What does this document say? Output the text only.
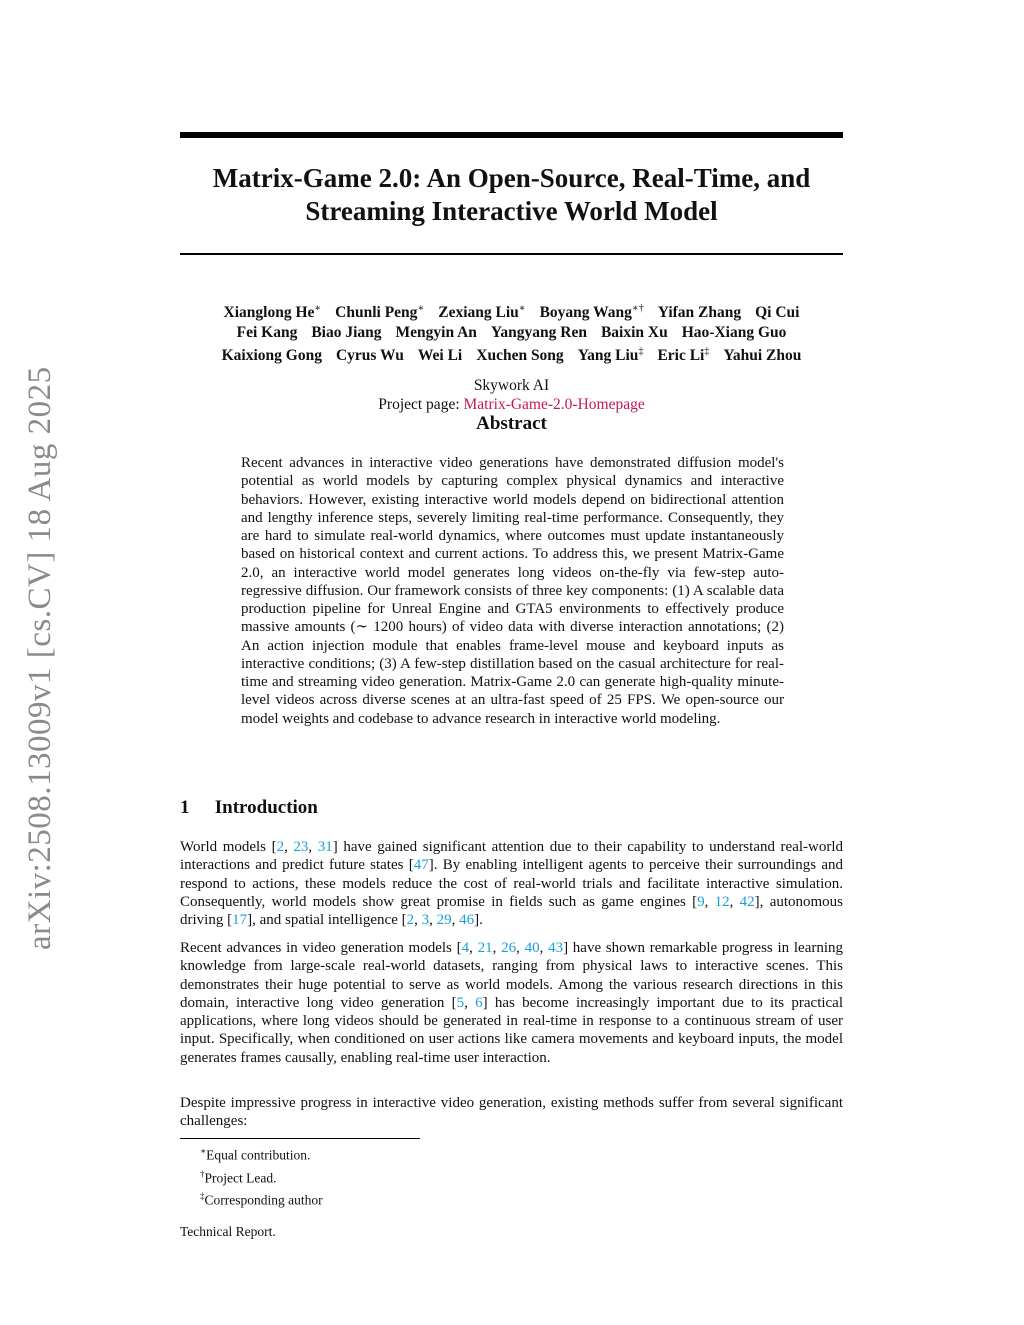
arXiv:2508.13009v1 [cs.CV] 18 Aug 2025
Matrix-Game 2.0: An Open-Source, Real-Time, and Streaming Interactive World Model
Xianglong He∗ Chunli Peng∗ Zexiang Liu∗ Boyang Wang∗† Yifan Zhang Qi Cui
Fei Kang Biao Jiang Mengyin An Yangyang Ren Baixin Xu Hao-Xiang Guo
Kaixiong Gong Cyrus Wu Wei Li Xuchen Song Yang Liu‡ Eric Li‡ Yahui Zhou
Skywork AI
Project page: Matrix-Game-2.0-Homepage
Abstract
Recent advances in interactive video generations have demonstrated diffusion model's potential as world models by capturing complex physical dynamics and interactive behaviors. However, existing interactive world models depend on bidirectional attention and lengthy inference steps, severely limiting real-time performance. Consequently, they are hard to simulate real-world dynamics, where outcomes must update instantaneously based on historical context and current actions. To address this, we present Matrix-Game 2.0, an interactive world model generates long videos on-the-fly via few-step auto-regressive diffusion. Our framework consists of three key components: (1) A scalable data production pipeline for Unreal Engine and GTA5 environments to effectively produce massive amounts (∼ 1200 hours) of video data with diverse interaction annotations; (2) An action injection module that enables frame-level mouse and keyboard inputs as interactive conditions; (3) A few-step distillation based on the casual architecture for real-time and streaming video generation. Matrix-Game 2.0 can generate high-quality minute-level videos across diverse scenes at an ultra-fast speed of 25 FPS. We open-source our model weights and codebase to advance research in interactive world modeling.
1 Introduction
World models [2, 23, 31] have gained significant attention due to their capability to understand real-world interactions and predict future states [47]. By enabling intelligent agents to perceive their surroundings and respond to actions, these models reduce the cost of real-world trials and facilitate interactive simulation. Consequently, world models show great promise in fields such as game engines [9, 12, 42], autonomous driving [17], and spatial intelligence [2, 3, 29, 46].
Recent advances in video generation models [4, 21, 26, 40, 43] have shown remarkable progress in learning knowledge from large-scale real-world datasets, ranging from physical laws to interactive scenes. This demonstrates their huge potential to serve as world models. Among the various research directions in this domain, interactive long video generation [5, 6] has become increasingly important due to its practical applications, where long videos should be generated in real-time in response to a continuous stream of user input. Specifically, when conditioned on user actions like camera movements and keyboard inputs, the model generates frames causally, enabling real-time user interaction.
Despite impressive progress in interactive video generation, existing methods suffer from several significant challenges:
∗Equal contribution.
†Project Lead.
‡Corresponding author
Technical Report.
